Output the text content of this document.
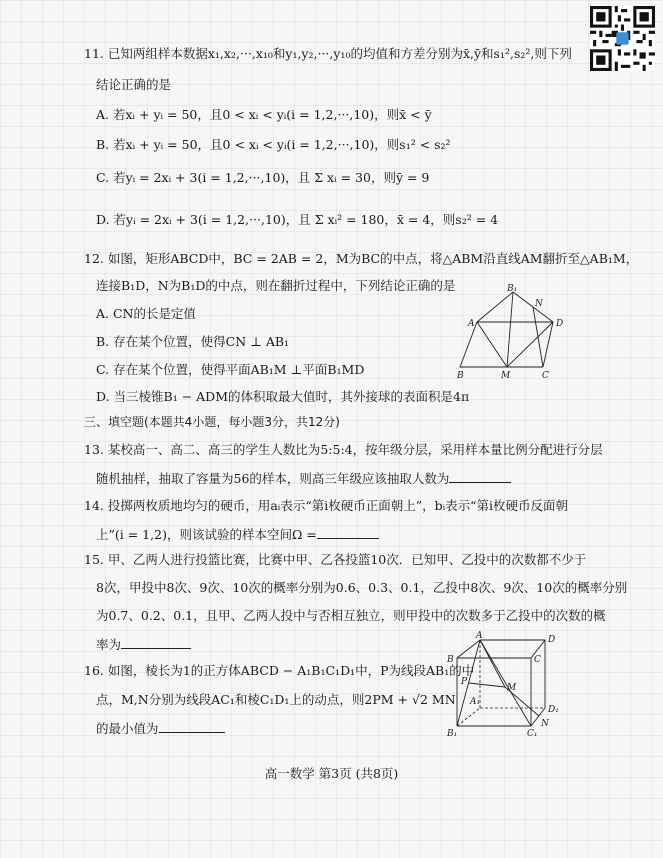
11. 已知两组样本数据x₁,x₂,···,x₁₀和y₁,y₂,···,y₁₀的均值和方差分别为x̄,ȳ和s₁²,s₂²,则下列
结论正确的是
A. 若xᵢ + yᵢ = 50，且0 < xᵢ < yᵢ(i = 1,2,···,10)，则x̄ < ȳ
B. 若xᵢ + yᵢ = 50，且0 < xᵢ < yᵢ(i = 1,2,···,10)，则s₁² < s₂²
C. 若yᵢ = 2xᵢ + 3(i = 1,2,···,10)，且 Σ xᵢ = 30，则ȳ = 9
D. 若yᵢ = 2xᵢ + 3(i = 1,2,···,10)，且 Σ xᵢ² = 180，x̄ = 4，则s₂² = 4
12. 如图，矩形ABCD中，BC = 2AB = 2，M为BC的中点，将△ABM沿直线AM翻折至△AB₁M，
连接B₁D，N为B₁D的中点，则在翻折过程中，下列结论正确的是
A. CN的长是定值
B. 存在某个位置，使得CN ⊥ AB₁
C. 存在某个位置，使得平面AB₁M ⊥平面B₁MD
D. 当三棱锥B₁ − ADM的体积取最大值时，其外接球的表面积是4π
B₁
N
A	D
B	M	C
三、填空题(本题共4小题，每小题3分，共12分)
13. 某校高一、高二、高三的学生人数比为5:5:4，按年级分层，采用样本量比例分配进行分层
随机抽样，抽取了容量为56的样本，则高三年级应该抽取人数为
14. 投掷两枚质地均匀的硬币，用aᵢ表示“第i枚硬币正面朝上”，bᵢ表示“第i枚硬币反面朝
上”(i = 1,2)，则该试验的样本空间Ω =
15. 甲、乙两人进行投篮比赛，比赛中甲、乙各投篮10次．已知甲、乙投中的次数都不少于
8次，甲投中8次、9次、10次的概率分别为0.6、0.3、0.1，乙投中8次、9次、10次的概率分别
为0.7、0.2、0.1，且甲、乙两人投中与否相互独立，则甲投中的次数多于乙投中的次数的概
率为
16. 如图，棱长为1的正方体ABCD − A₁B₁C₁D₁中，P为线段AB₁的中
点，M,N分别为线段AC₁和棱C₁D₁上的动点，则2PM + √2 MN
的最小值为
A	D
B	C
P
M
A₁
D₁
N
B₁	C₁
高一数学 第3页 (共8页)
